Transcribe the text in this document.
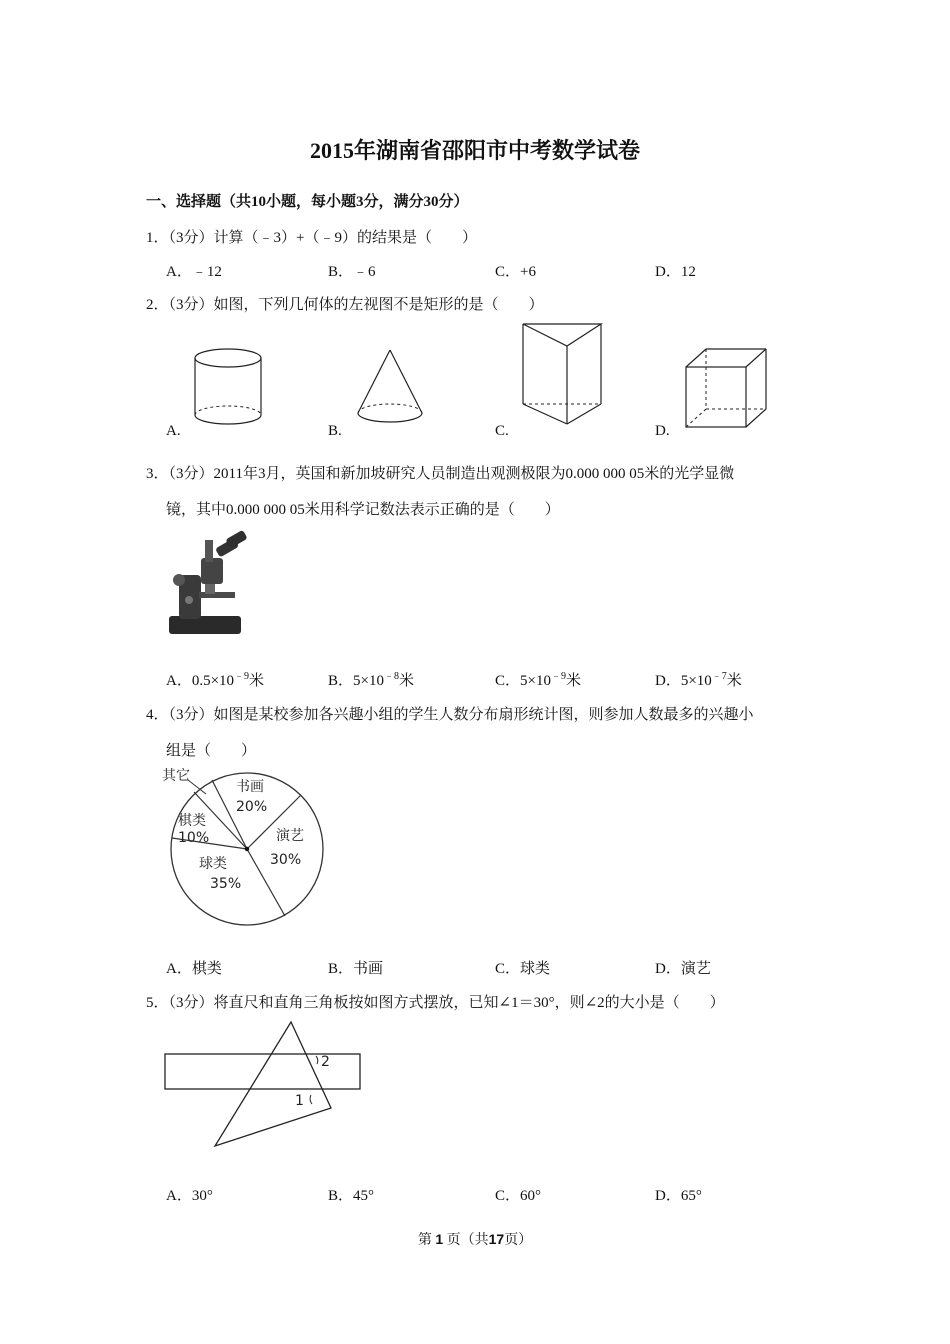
2015年湖南省邵阳市中考数学试卷
一、选择题（共10小题，每小题3分，满分30分）
1．（3分）计算（﹣3）+（﹣9）的结果是（　　）
A．﹣12	B．﹣6	C．+6	D．12
2．（3分）如图，下列几何体的左视图不是矩形的是（　　）
A.	B.	C.	D.
3．（3分）2011年3月，英国和新加坡研究人员制造出观测极限为0.000 000 05米的光学显微
镜，其中0.000 000 05米用科学记数法表示正确的是（　　）
A．$0.5\times 10^{﹣9}$米	B．$5\times 10^{﹣8}$米	C．$5\times 10^{﹣9}$米	D．$5\times 10^{﹣7}$米
4．（3分）如图是某校参加各兴趣小组的学生人数分布扇形统计图，则参加人数最多的兴趣小
组是（　　）
其它
书画
20%
棋类
10%	演艺
30%
球类
35%
A．棋类	B．书画	C．球类	D．演艺
5．（3分）将直尺和直角三角板按如图方式摆放，已知∠1＝30°，则∠2的大小是（　　）
2
1
A．30°	B．45°	C．60°	D．65°
第 1 页（共17页）
